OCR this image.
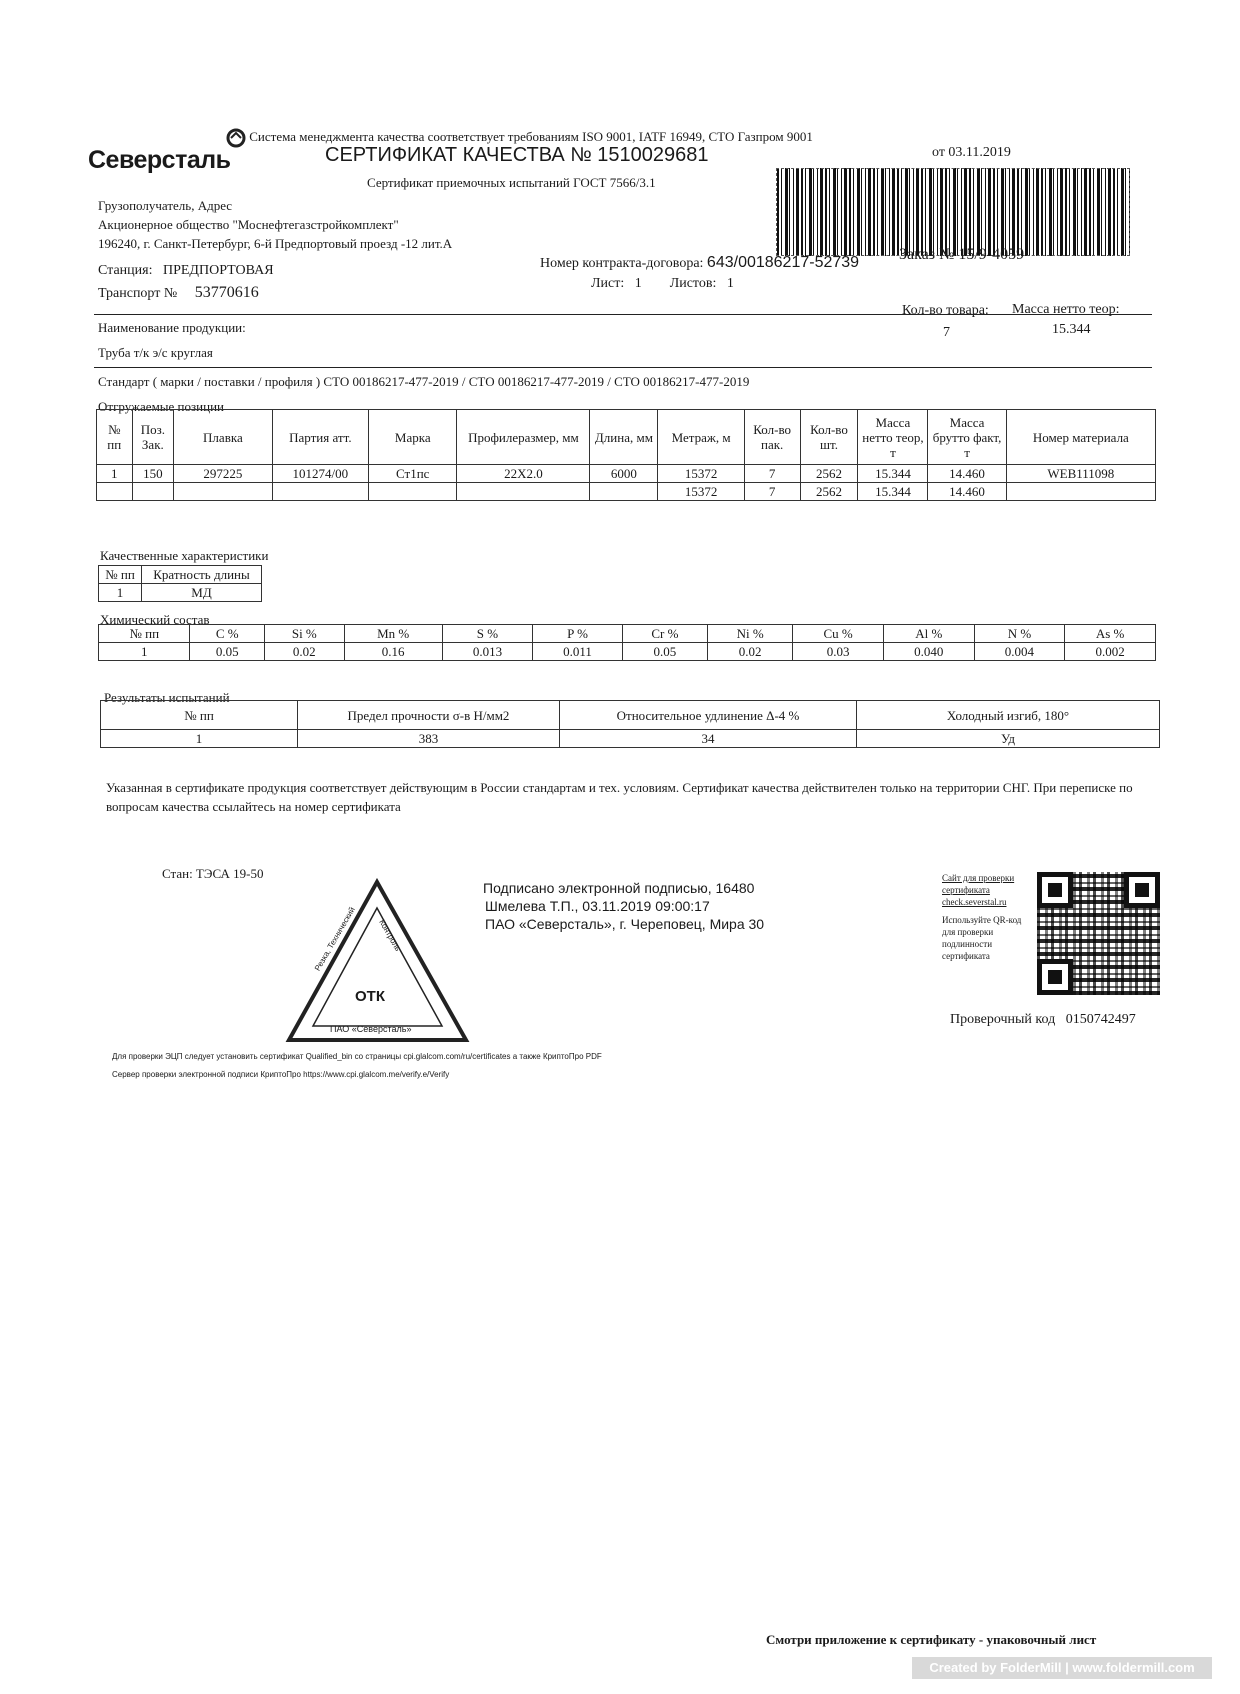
Система менеджмента качества соответствует требованиям ISO 9001, IATF 16949, СТО Газпром 9001
Северсталь	СЕРТИФИКАТ КАЧЕСТВА № 1510029681	от 03.11.2019
Сертификат приемочных испытаний ГОСТ 7566/3.1
Грузополучатель, Адрес
Акционерное общество "Моснефтегазстройкомплект"
196240, г. Санкт-Петербург, 6-й Предпортовый проезд -12 лит.А
Станция: ПРЕДПОРТОВАЯ
Транспорт № 53770616
Номер контракта-договора: 643/00186217-52739 Заказ № 15/9-4059
Лист: 1 Листов: 1
Кол-во товара: Масса нетто теор:
7	15.344
Наименование продукции:
Труба т/к э/с круглая
Стандарт ( марки / поставки / профиля ) СТО 00186217-477-2019 / СТО 00186217-477-2019 / СТО 00186217-477-2019
Отгружаемые позиции
№ пп	Поз. Зак.	Плавка	Партия атт.	Марка	Профилеразмер, мм	Длина, мм	Метраж, м	Кол-во пак.	Кол-во шт.	Масса нетто теор, т	Масса брутто факт, т	Номер материала
1	150	297225	101274/00	Ст1пс	22Х2.0	6000	15372	7	2562	15.344	14.460	WEB111098
							15372	7	2562	15.344	14.460	
Качественные характеристики
№ пп	Кратность длины
1	МД
Химический состав
№ пп	C %	Si %	Mn %	S %	P %	Cr %	Ni %	Cu %	Al %	N %	As %
1	0.05	0.02	0.16	0.013	0.011	0.05	0.02	0.03	0.040	0.004	0.002
Результаты испытаний
№ пп	Предел прочности σ-в Н/мм2	Относительное удлинение Δ-4 %	Холодный изгиб, 180°
1	383	34	Уд
Указанная в сертификате продукция соответствует действующим в России стандартам и тех. условиям. Сертификат качества действителен только на территории СНГ. При переписке по вопросам качества ссылайтесь на номер сертификата
Стан: ТЭСА 19-50
ОТК
ПАО «Северсталь»
Резка, Технический	Контроль
Подписано электронной подписью, 16480
Шмелева Т.П., 03.11.2019 09:00:17
ПАО «Северсталь», г. Череповец, Мира 30
Сайт для проверки сертификата
check.severstal.ru
Используйте QR-код для проверки подлинности сертификата
Проверочный код 0150742497
Для проверки ЭЦП следует установить сертификат Qualified_bin со страницы cpi.glalcom.com/ru/certificates а также КриптоПро PDF
Сервер проверки электронной подписи КриптоПро https://www.cpi.glalcom.me/verify.e/Verify
Смотри приложение к сертификату - упаковочный лист
Created by FolderMill | www.foldermill.com
